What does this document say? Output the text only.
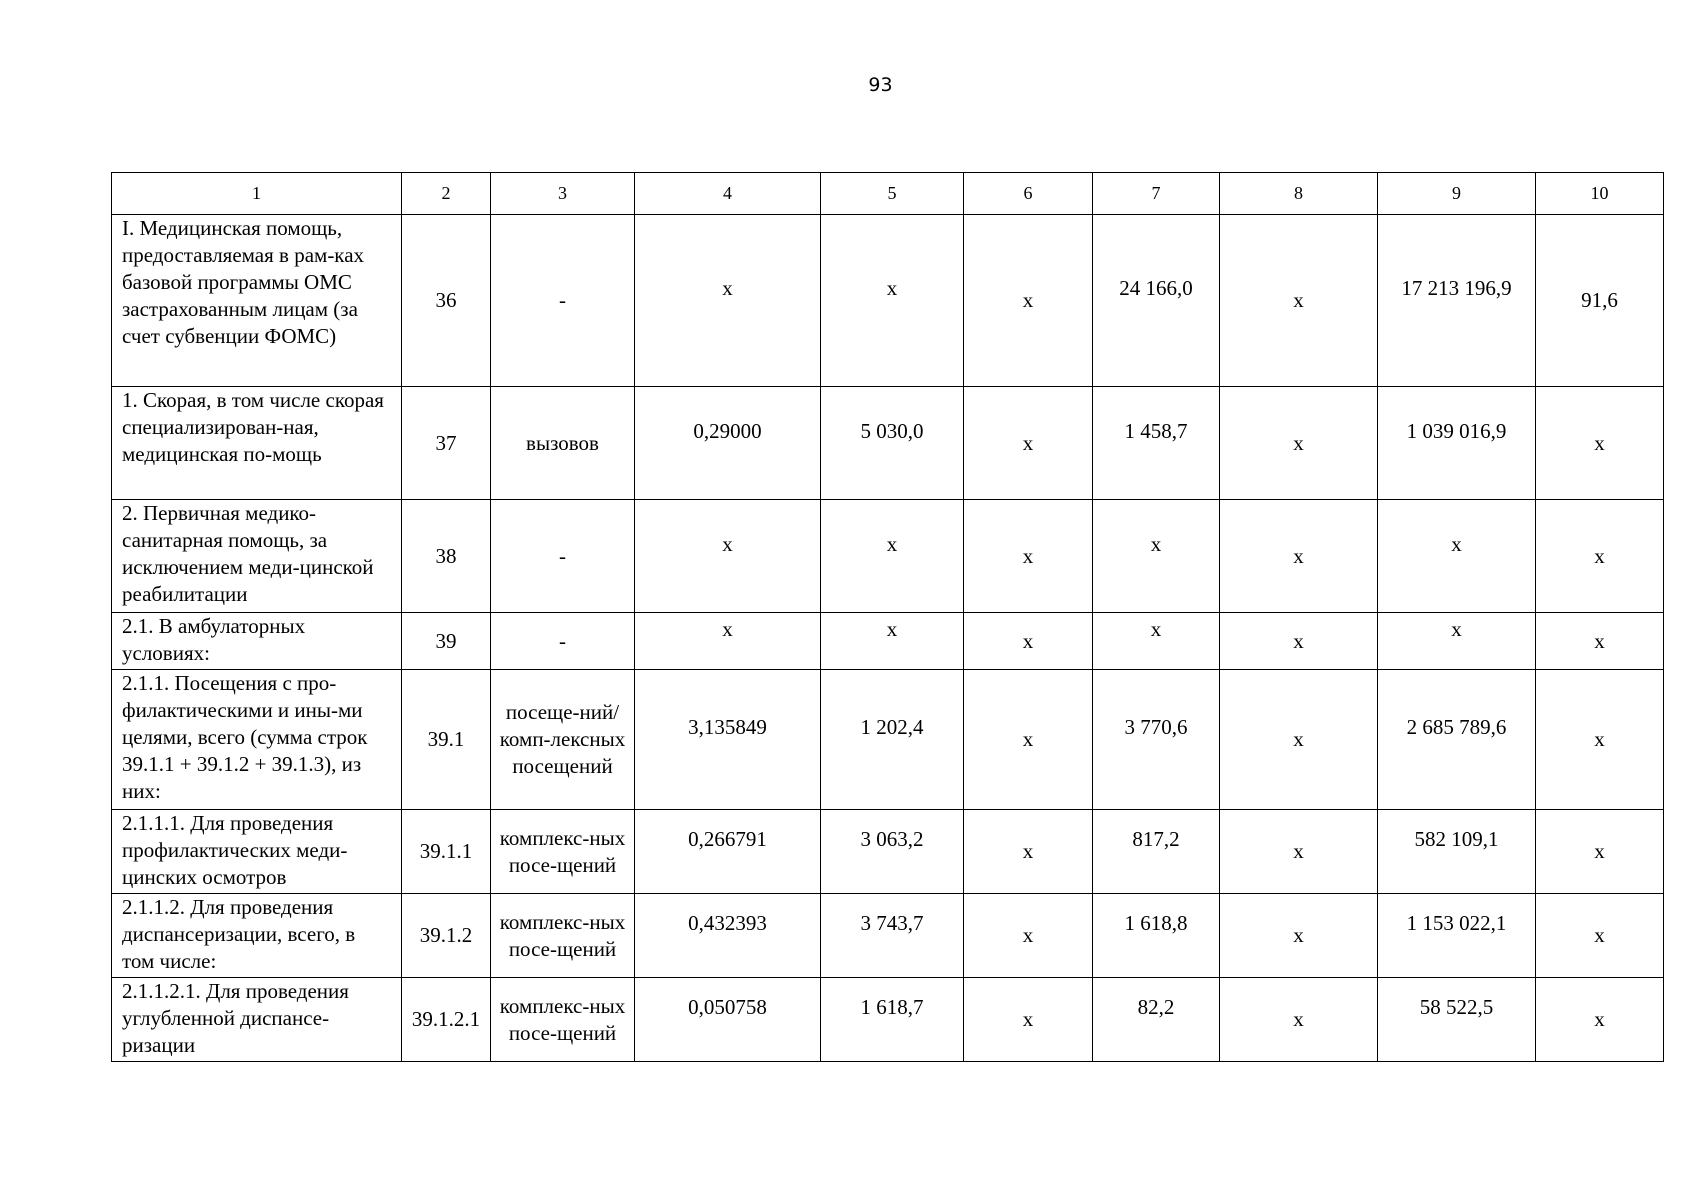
93
1	2	3	4	5	6	7	8	9	10
I. Медицинская помощь, предоставляемая в рам-ках базовой программы ОМС застрахованным лицам (за счет субвенции ФОМС)	36	-	х	х	х	24 166,0	х	17 213 196,9	91,6
1. Скорая, в том числе скорая специализирован-ная, медицинская по-мощь	37	вызовов	0,29000	5 030,0	х	1 458,7	х	1 039 016,9	х
2. Первичная медико-санитарная помощь, за исключением меди-цинской реабилитации	38	-	х	х	х	х	х	х	х
2.1. В амбулаторных условиях:	39	-	х	х	х	х	х	х	х
2.1.1. Посещения с про-филактическими и ины-ми целями, всего (сумма строк 39.1.1 + 39.1.2 + 39.1.3), из них:	39.1	посеще-ний/комп-лексных посещений	3,135849	1 202,4	х	3 770,6	х	2 685 789,6	х
2.1.1.1. Для проведения профилактических меди-цинских осмотров	39.1.1	комплекс-ных посе-щений	0,266791	3 063,2	х	817,2	х	582 109,1	х
2.1.1.2. Для проведения диспансеризации, всего, в том числе:	39.1.2	комплекс-ных посе-щений	0,432393	3 743,7	х	1 618,8	х	1 153 022,1	х
2.1.1.2.1. Для проведения углубленной диспансе-ризации	39.1.2.1	комплекс-ных посе-щений	0,050758	1 618,7	х	82,2	х	58 522,5	х
